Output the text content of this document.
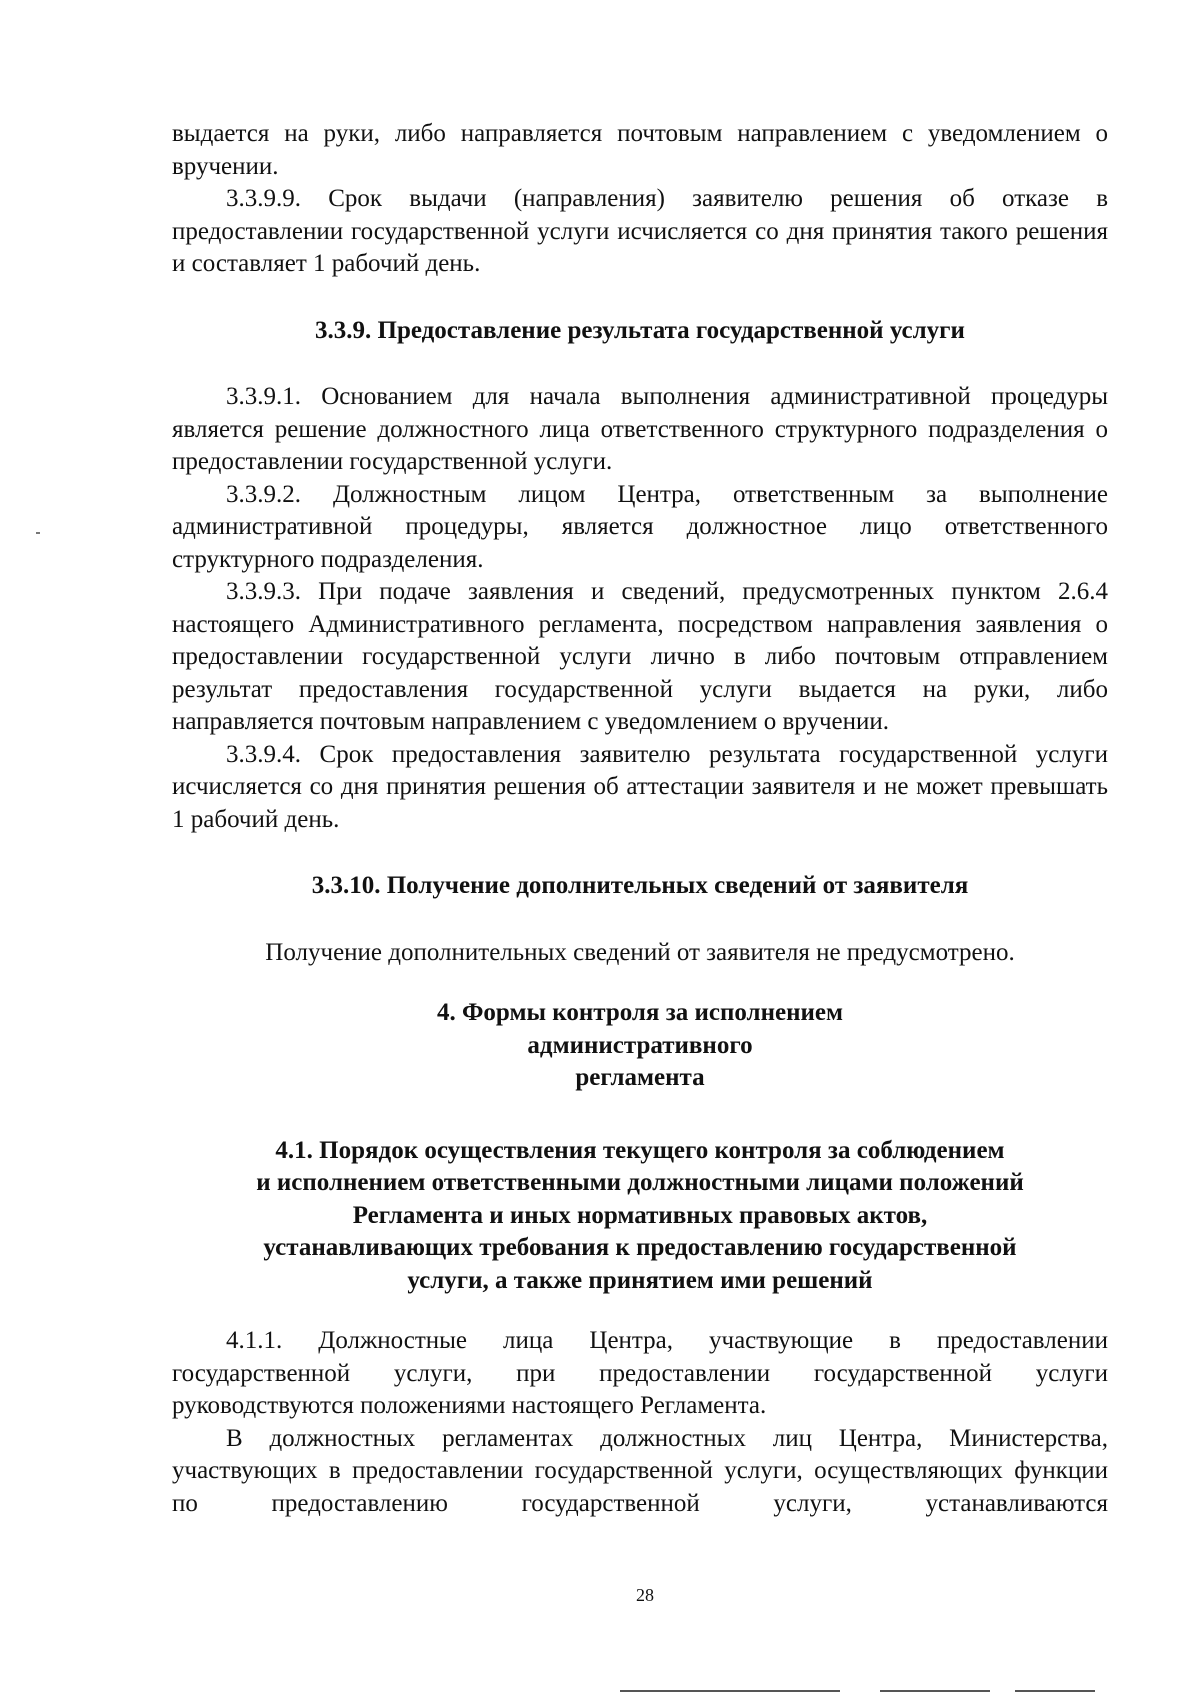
выдается на руки, либо направляется почтовым направлением с уведомлением о вручении.

3.3.9.9. Срок выдачи (направления) заявителю решения об отказе в предоставлении государственной услуги исчисляется со дня принятия такого решения и составляет 1 рабочий день.

3.3.9. Предоставление результата государственной услуги

3.3.9.1. Основанием для начала выполнения административной процедуры является решение должностного лица ответственного структурного подразделения о предоставлении государственной услуги.

3.3.9.2. Должностным лицом Центра, ответственным за выполнение административной процедуры, является должностное лицо ответственного структурного подразделения.

3.3.9.3. При подаче заявления и сведений, предусмотренных пунктом 2.6.4 настоящего Административного регламента, посредством направления заявления о предоставлении государственной услуги лично в либо почтовым отправлением результат предоставления государственной услуги выдается на руки, либо направляется почтовым направлением с уведомлением о вручении.

3.3.9.4. Срок предоставления заявителю результата государственной услуги исчисляется со дня принятия решения об аттестации заявителя и не может превышать 1 рабочий день.

3.3.10. Получение дополнительных сведений от заявителя

Получение дополнительных сведений от заявителя не предусмотрено.

4. Формы контроля за исполнением
административного
регламента
4.1. Порядок осуществления текущего контроля за соблюдением
и исполнением ответственными должностными лицами положений
Регламента и иных нормативных правовых актов,
устанавливающих требования к предоставлению государственной
услуги, а также принятием ими решений

4.1.1. Должностные лица Центра, участвующие в предоставлении государственной услуги, при предоставлении государственной услуги руководствуются положениями настоящего Регламента.

В должностных регламентах должностных лиц Центра, Министерства, участвующих в предоставлении государственной услуги, осуществляющих функции по предоставлению государственной услуги, устанавливаются

28
